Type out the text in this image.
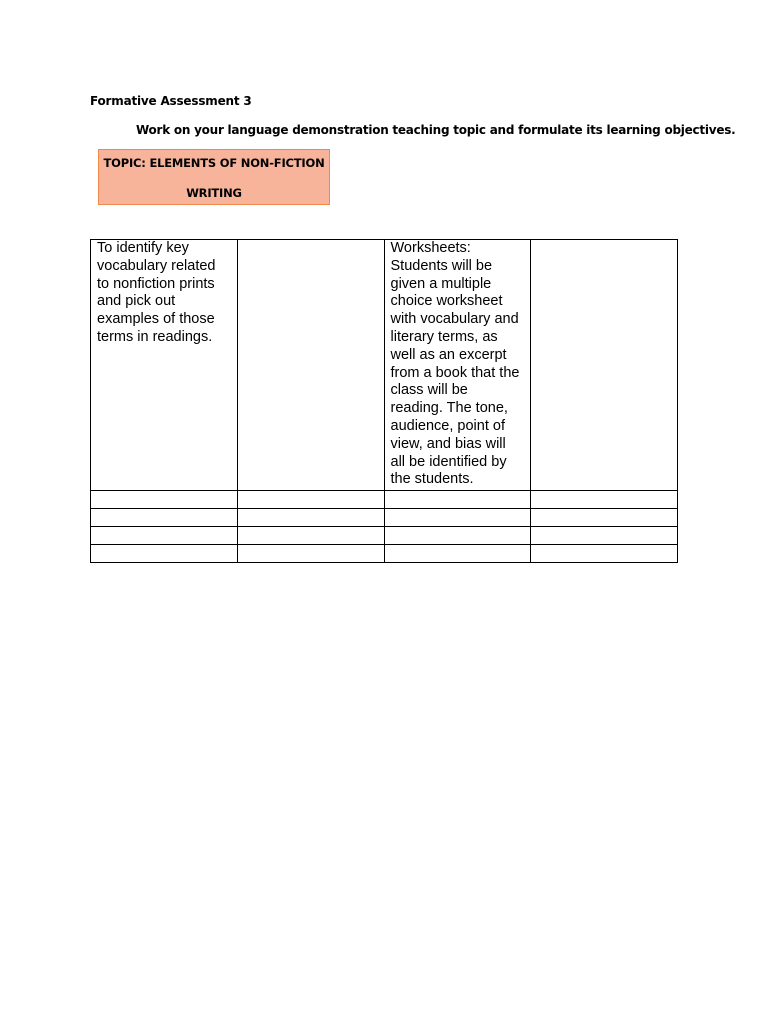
Formative Assessment 3
Work on your language demonstration teaching topic and formulate its learning objectives.
TOPIC: ELEMENTS OF NON-FICTION
WRITING
To identify key vocabulary related to nonfiction prints and pick out examples of those terms in readings.		Worksheets: Students will be given a multiple choice worksheet with vocabulary and literary terms, as well as an excerpt from a book that the class will be reading. The tone, audience, point of view, and bias will all be identified by the students.	
